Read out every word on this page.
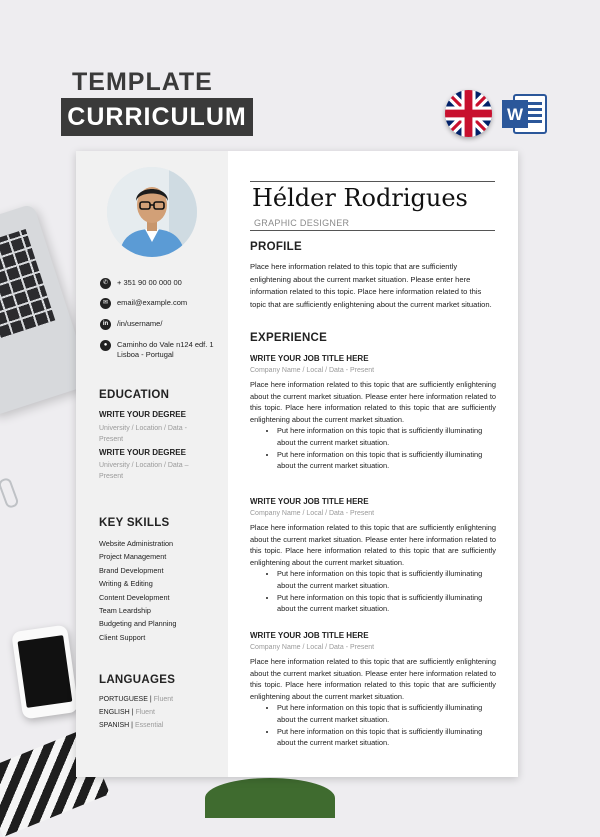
TEMPLATE
CURRICULUM	W
✆	+ 351 90 00 000 00
✉	email@example.com
in	/in/username/
●	Caminho do Vale n124 edf. 1
Lisboa - Portugal
EDUCATION
WRITE YOUR DEGREE
University / Location / Data - Present
WRITE YOUR DEGREE
University / Location / Data – Present
KEY SKILLS
Website Administration
Project Management
Brand Development
Writing & Editing
Content Development
Team Leardship
Budgeting and Planning
Client Support
LANGUAGES
PORTUGUESE | Fluent
ENGLISH | Fluent
SPANISH | Essential
Hélder Rodrigues
GRAPHIC DESIGNER
PROFILE
Place here information related to this topic that are sufficiently enlightening about the current market situation. Please enter here information related to this topic. Place here information related to this topic that are sufficiently enlightening about the current market situation.
EXPERIENCE
WRITE YOUR JOB TITLE HERE
Company Name / Local / Data - Present
Place here information related to this topic that are sufficiently enlightening about the current market situation. Please enter here information related to this topic. Place here information related to this topic that are sufficiently enlightening about the current market situation.
• Put here information on this topic that is sufficiently illuminating about the current market situation.
• Put here information on this topic that is sufficiently illuminating about the current market situation.
WRITE YOUR JOB TITLE HERE
Company Name / Local / Data - Present
Place here information related to this topic that are sufficiently enlightening about the current market situation. Please enter here information related to this topic. Place here information related to this topic that are sufficiently enlightening about the current market situation.
• Put here information on this topic that is sufficiently illuminating about the current market situation.
• Put here information on this topic that is sufficiently illuminating about the current market situation.
WRITE YOUR JOB TITLE HERE
Company Name / Local / Data - Present
Place here information related to this topic that are sufficiently enlightening about the current market situation. Please enter here information related to this topic. Place here information related to this topic that are sufficiently enlightening about the current market situation.
• Put here information on this topic that is sufficiently illuminating about the current market situation.
• Put here information on this topic that is sufficiently illuminating about the current market situation.
